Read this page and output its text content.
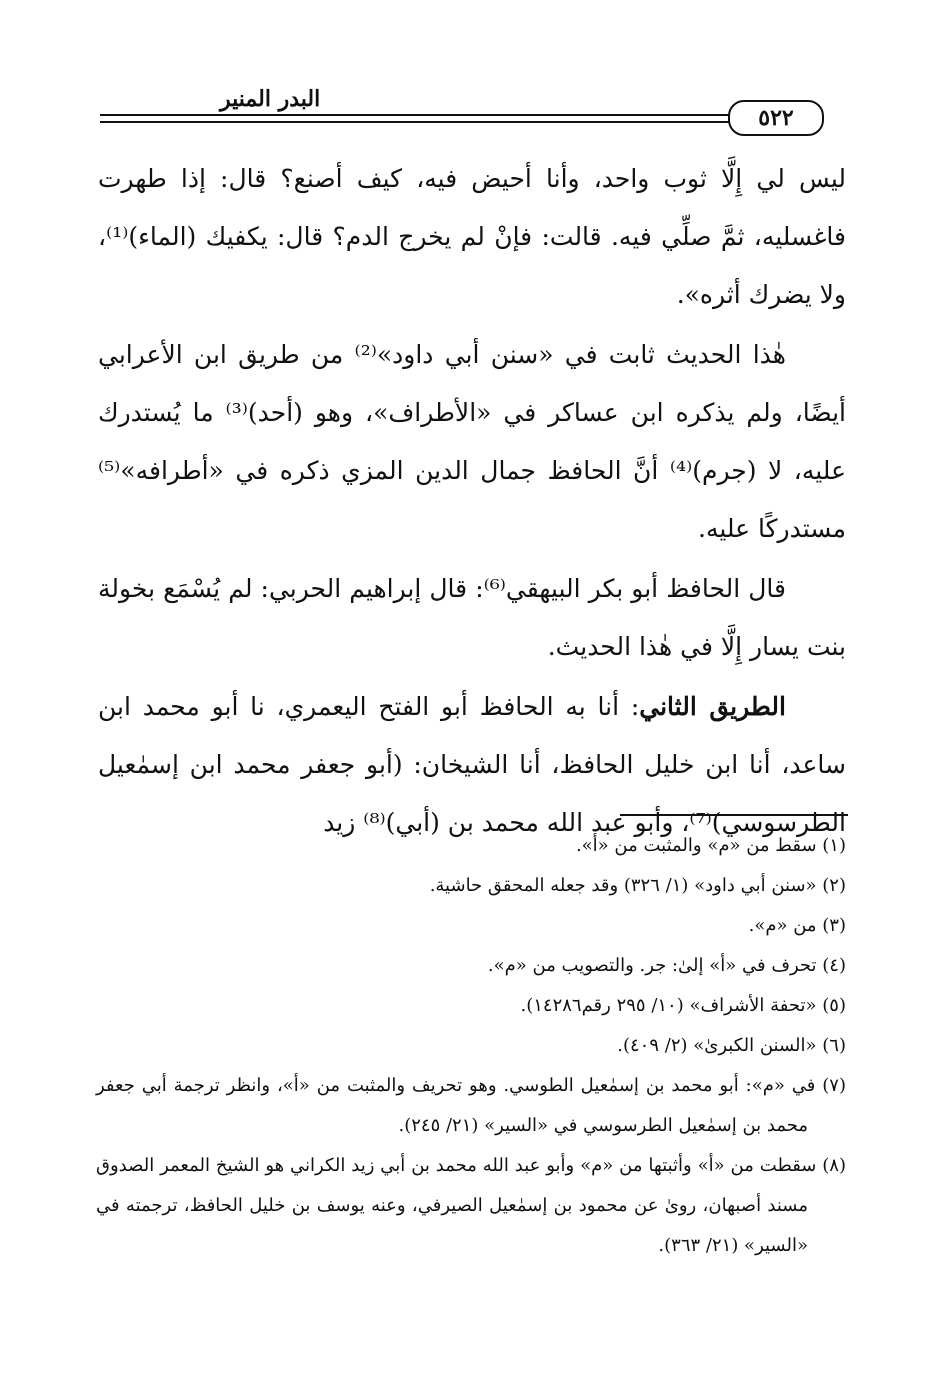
البدر المنير
٥٢٢

ليس لي إِلَّا ثوب واحد، وأنا أحيض فيه، كيف أصنع؟ قال: إذا طهرت فاغسليه، ثمَّ صلِّي فيه. قالت: فإنْ لم يخرج الدم؟ قال: يكفيك (الماء)⁽¹⁾، ولا يضرك أثره».

هٰذا الحديث ثابت في «سنن أبي داود»⁽²⁾ من طريق ابن الأعرابي أيضًا، ولم يذكره ابن عساكر في «الأطراف»، وهو (أحد)⁽³⁾ ما يُستدرك عليه، لا (جرم)⁽⁴⁾ أنَّ الحافظ جمال الدين المزي ذكره في «أطرافه»⁽⁵⁾ مستدركًا عليه.

قال الحافظ أبو بكر البيهقي⁽⁶⁾: قال إبراهيم الحربي: لم يُسْمَع بخولة بنت يسار إِلَّا في هٰذا الحديث.

الطريق الثاني: أنا به الحافظ أبو الفتح اليعمري، نا أبو محمد ابن ساعد، أنا ابن خليل الحافظ، أنا الشيخان: (أبو جعفر محمد ابن إسمٰعيل الطرسوسي)⁽⁷⁾، وأبو عبد الله محمد بن (أبي)⁽⁸⁾ زيد

(١) سقط من «م» والمثبت من «أ».

(٢) «سنن أبي داود» (١/ ٣٢٦) وقد جعله المحقق حاشية.

(٣) من «م».

(٤) تحرف في «أ» إلىٰ: جر. والتصويب من «م».

(٥) «تحفة الأشراف» (١٠/ ٢٩٥ رقم١٤٢٨٦).

(٦) «السنن الكبرىٰ» (٢/ ٤٠٩).

(٧) في «م»: أبو محمد بن إسمٰعيل الطوسي. وهو تحريف والمثبت من «أ»، وانظر ترجمة أبي جعفر محمد بن إسمٰعيل الطرسوسي في «السير» (٢١/ ٢٤٥).

(٨) سقطت من «أ» وأثبتها من «م» وأبو عبد الله محمد بن أبي زيد الكراني هو الشيخ المعمر الصدوق مسند أصبهان، روىٰ عن محمود بن إسمٰعيل الصيرفي، وعنه يوسف بن خليل الحافظ، ترجمته في «السير» (٢١/ ٣٦٣).
